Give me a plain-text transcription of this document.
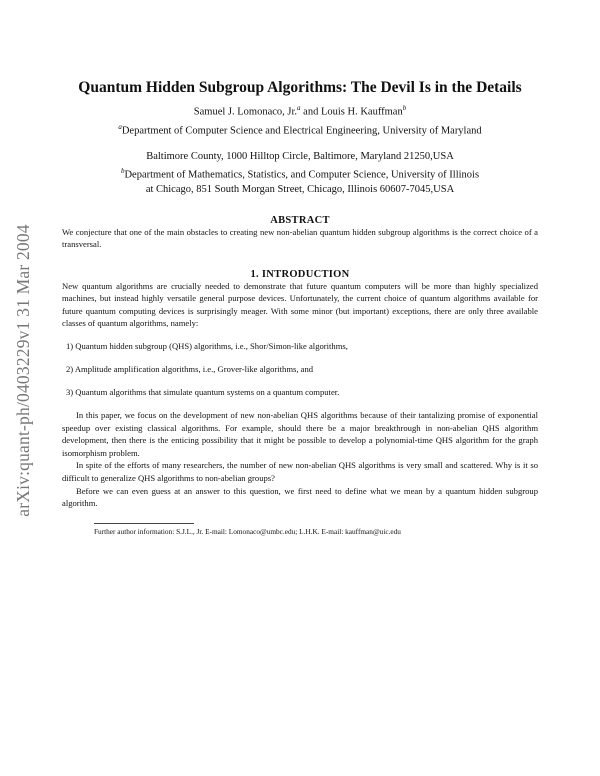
arXiv:quant-ph/0403229v1 31 Mar 2004
Quantum Hidden Subgroup Algorithms: The Devil Is in the Details
Samuel J. Lomonaco, Jr.$^a$ and Louis H. Kauffman$^b$

$^a$Department of Computer Science and Electrical Engineering, University of Maryland

Baltimore County, 1000 Hilltop Circle, Baltimore, Maryland 21250,USA

$^b$Department of Mathematics, Statistics, and Computer Science, University of Illinois

at Chicago, 851 South Morgan Street, Chicago, Illinois 60607-7045,USA

ABSTRACT

We conjecture that one of the main obstacles to creating new non-abelian quantum hidden subgroup algorithms is the correct choice of a transversal.

1. INTRODUCTION

New quantum algorithms are crucially needed to demonstrate that future quantum computers will be more than highly specialized machines, but instead highly versatile general purpose devices. Unfortunately, the current choice of quantum algorithms available for future quantum computing devices is surprisingly meager. With some minor (but important) exceptions, there are only three available classes of quantum algorithms, namely:

1) Quantum hidden subgroup (QHS) algorithms, i.e., Shor/Simon-like algorithms,
2) Amplitude amplification algorithms, i.e., Grover-like algorithms, and
3) Quantum algorithms that simulate quantum systems on a quantum computer.

In this paper, we focus on the development of new non-abelian QHS algorithms because of their tantalizing promise of exponential speedup over existing classical algorithms. For example, should there be a major breakthrough in non-abelian QHS algorithm development, then there is the enticing possibility that it might be possible to develop a polynomial-time QHS algorithm for the graph isomorphism problem.

In spite of the efforts of many researchers, the number of new non-abelian QHS algorithms is very small and scattered. Why is it so difficult to generalize QHS algorithms to non-abelian groups?

Before we can even guess at an answer to this question, we first need to define what we mean by a quantum hidden subgroup algorithm.

Further author information: S.J.L., Jr. E-mail: Lomonaco@umbc.edu; L.H.K. E-mail: kauffman@uic.edu
